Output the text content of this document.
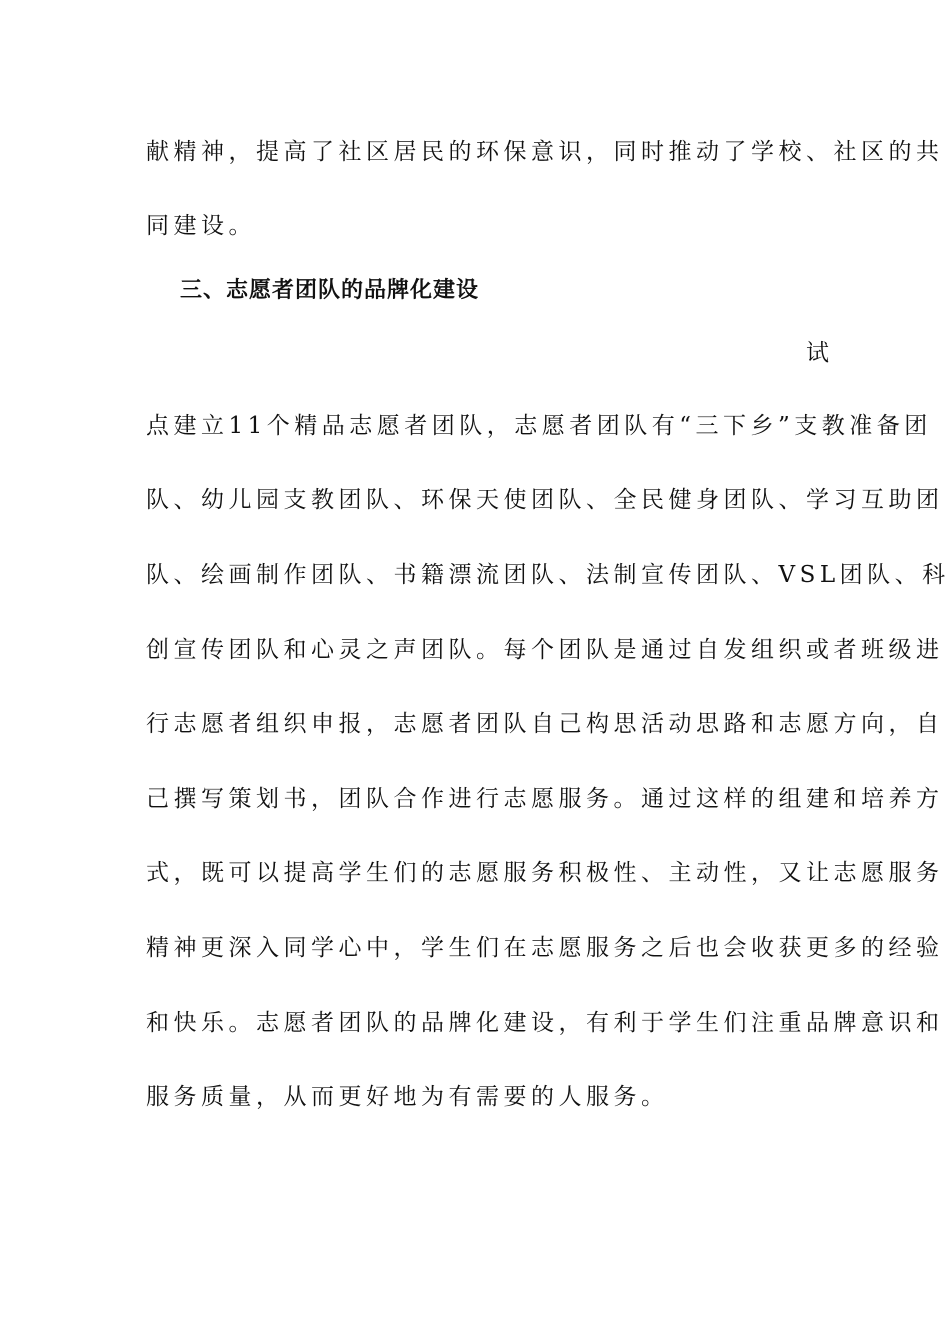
献精神，提高了社区居民的环保意识，同时推动了学校、社区的共
同建设。
三、志愿者团队的品牌化建设
试
点建立11个精品志愿者团队，志愿者团队有“三下乡”支教准备团
队、幼儿园支教团队、环保天使团队、全民健身团队、学习互助团
队、绘画制作团队、书籍漂流团队、法制宣传团队、VSL团队、科
创宣传团队和心灵之声团队。每个团队是通过自发组织或者班级进
行志愿者组织申报，志愿者团队自己构思活动思路和志愿方向，自
己撰写策划书，团队合作进行志愿服务。通过这样的组建和培养方
式，既可以提高学生们的志愿服务积极性、主动性，又让志愿服务
精神更深入同学心中，学生们在志愿服务之后也会收获更多的经验
和快乐。志愿者团队的品牌化建设，有利于学生们注重品牌意识和
服务质量，从而更好地为有需要的人服务。
